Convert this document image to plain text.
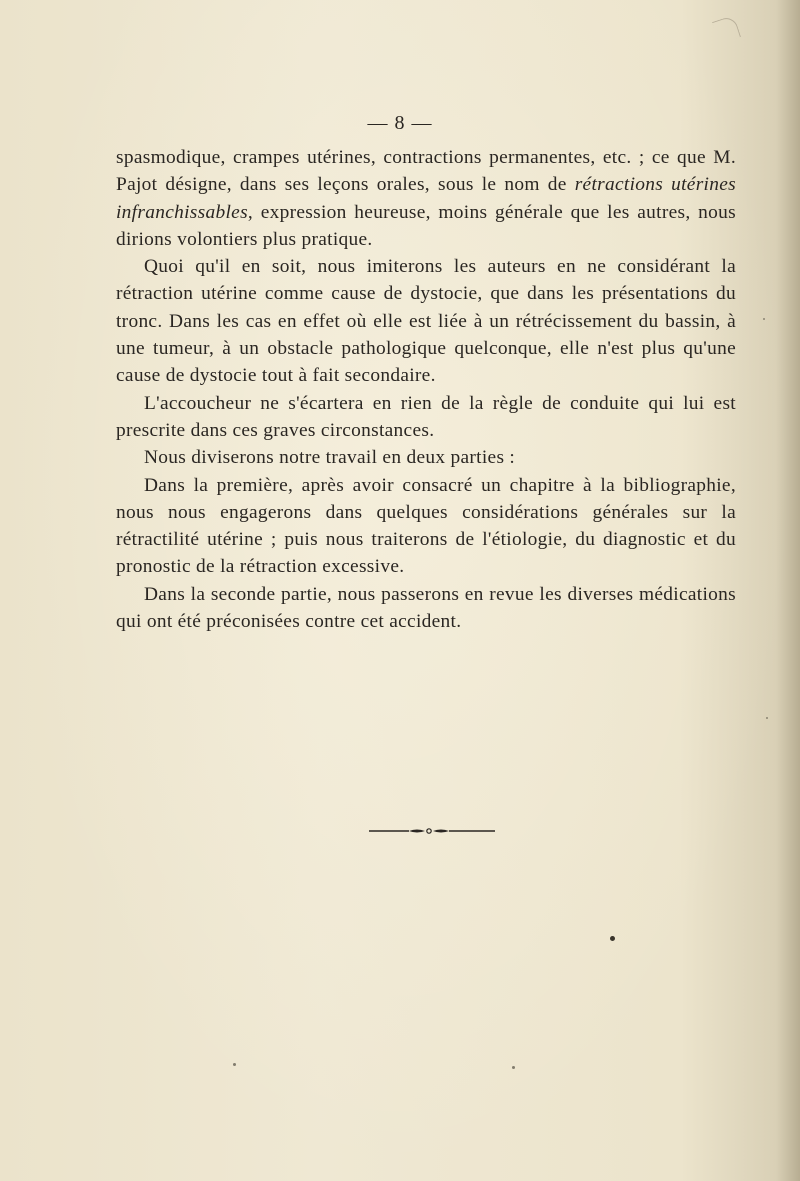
— 8 —

spasmodique, crampes utérines, contractions permanentes, etc. ; ce que M. Pajot désigne, dans ses leçons orales, sous le nom de rétractions utérines infranchissables, expression heureuse, moins générale que les autres, nous dirions volontiers plus pratique.

Quoi qu'il en soit, nous imiterons les auteurs en ne considérant la rétraction utérine comme cause de dystocie, que dans les présentations du tronc. Dans les cas en effet où elle est liée à un rétrécissement du bassin, à une tumeur, à un obstacle pathologique quelconque, elle n'est plus qu'une cause de dystocie tout à fait secondaire.

L'accoucheur ne s'écartera en rien de la règle de conduite qui lui est prescrite dans ces graves circonstances.

Nous diviserons notre travail en deux parties :

Dans la première, après avoir consacré un chapitre à la bibliographie, nous nous engagerons dans quelques considérations générales sur la rétractilité utérine ; puis nous traiterons de l'étiologie, du diagnostic et du pronostic de la rétraction excessive.

Dans la seconde partie, nous passerons en revue les diverses médications qui ont été préconisées contre cet accident.
